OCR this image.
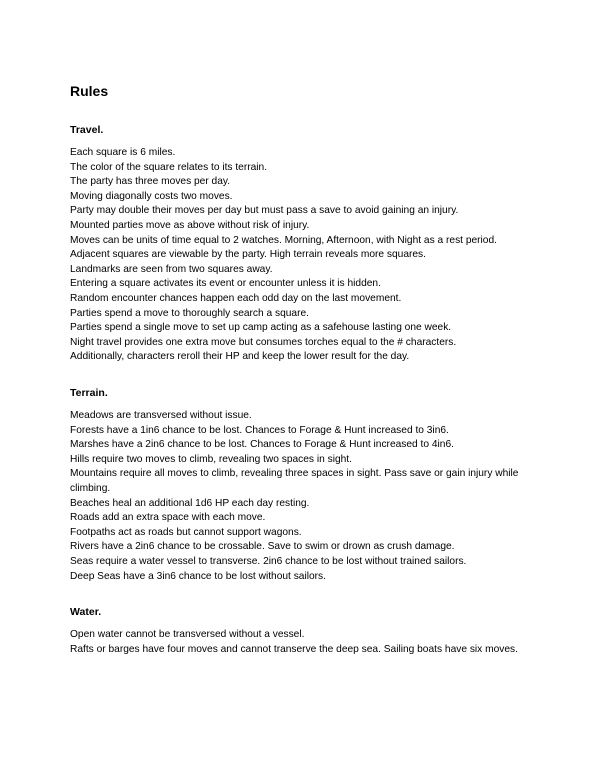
Rules
Travel.
Each square is 6 miles.
The color of the square relates to its terrain.
The party has three moves per day.
Moving diagonally costs two moves.
Party may double their moves per day but must pass a save to avoid gaining an injury.
Mounted parties move as above without risk of injury.
Moves can be units of time equal to 2 watches. Morning, Afternoon, with Night as a rest period.
Adjacent squares are viewable by the party. High terrain reveals more squares.
Landmarks are seen from two squares away.
Entering a square activates its event or encounter unless it is hidden.
Random encounter chances happen each odd day on the last movement.
Parties spend a move to thoroughly search a square.
Parties spend a single move to set up camp acting as a safehouse lasting one week.
Night travel provides one extra move but consumes torches equal to the # characters.
Additionally, characters reroll their HP and keep the lower result for the day.
Terrain.
Meadows are transversed without issue.
Forests have a 1in6 chance to be lost. Chances to Forage & Hunt increased to 3in6.
Marshes have a 2in6 chance to be lost. Chances to Forage & Hunt increased to 4in6.
Hills require two moves to climb, revealing two spaces in sight.
Mountains require all moves to climb, revealing three spaces in sight. Pass save or gain injury while climbing.
Beaches heal an additional 1d6 HP each day resting.
Roads add an extra space with each move.
Footpaths act as roads but cannot support wagons.
Rivers have a 2in6 chance to be crossable. Save to swim or drown as crush damage.
Seas require a water vessel to transverse. 2in6 chance to be lost without trained sailors.
Deep Seas have a 3in6 chance to be lost without sailors.
Water.
Open water cannot be transversed without a vessel.
Rafts or barges have four moves and cannot transerve the deep sea. Sailing boats have six moves.
